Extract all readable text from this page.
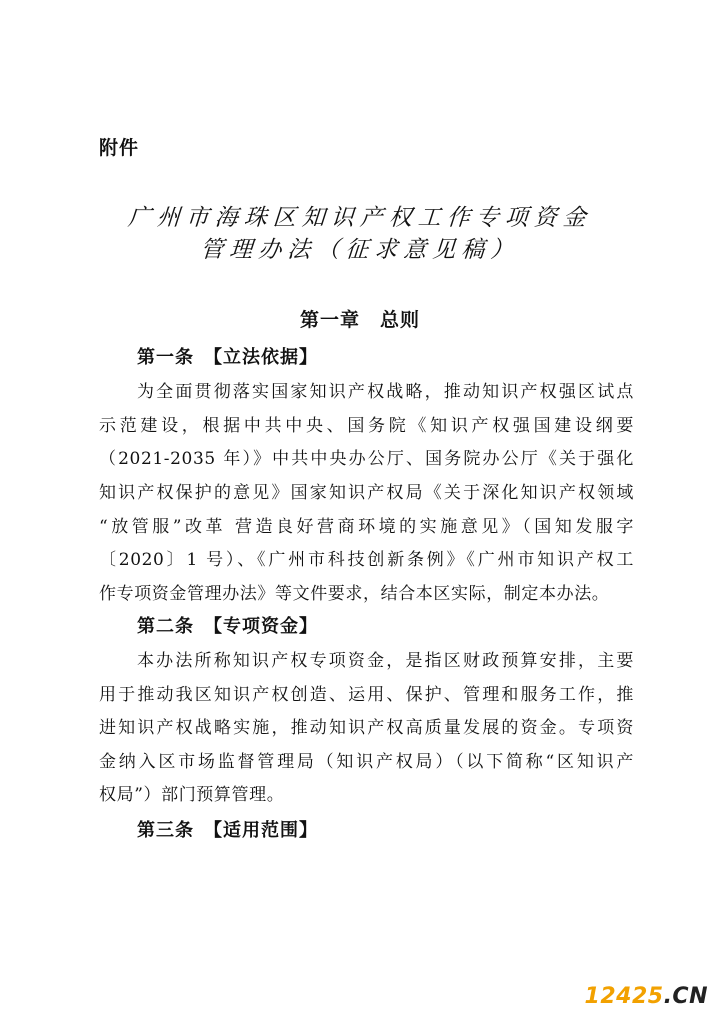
附件
广州市海珠区知识产权工作专项资金
管理办法（征求意见稿）
第一章　总则
第一条　【立法依据】
为全面贯彻落实国家知识产权战略，推动知识产权强区试点
示范建设，根据中共中央、国务院《知识产权强国建设纲要
（2021-2035 年）》中共中央办公厅、国务院办公厅《关于强化
知识产权保护的意见》国家知识产权局《关于深化知识产权领域
“放管服”改革 营造良好营商环境的实施意见》（国知发服字
〔2020〕1 号）、《广州市科技创新条例》《广州市知识产权工
作专项资金管理办法》等文件要求，结合本区实际，制定本办法。
第二条　【专项资金】
本办法所称知识产权专项资金，是指区财政预算安排，主要
用于推动我区知识产权创造、运用、保护、管理和服务工作，推
进知识产权战略实施，推动知识产权高质量发展的资金。专项资
金纳入区市场监督管理局（知识产权局）（以下简称“区知识产
权局”）部门预算管理。
第三条　【适用范围】
12425.CN
